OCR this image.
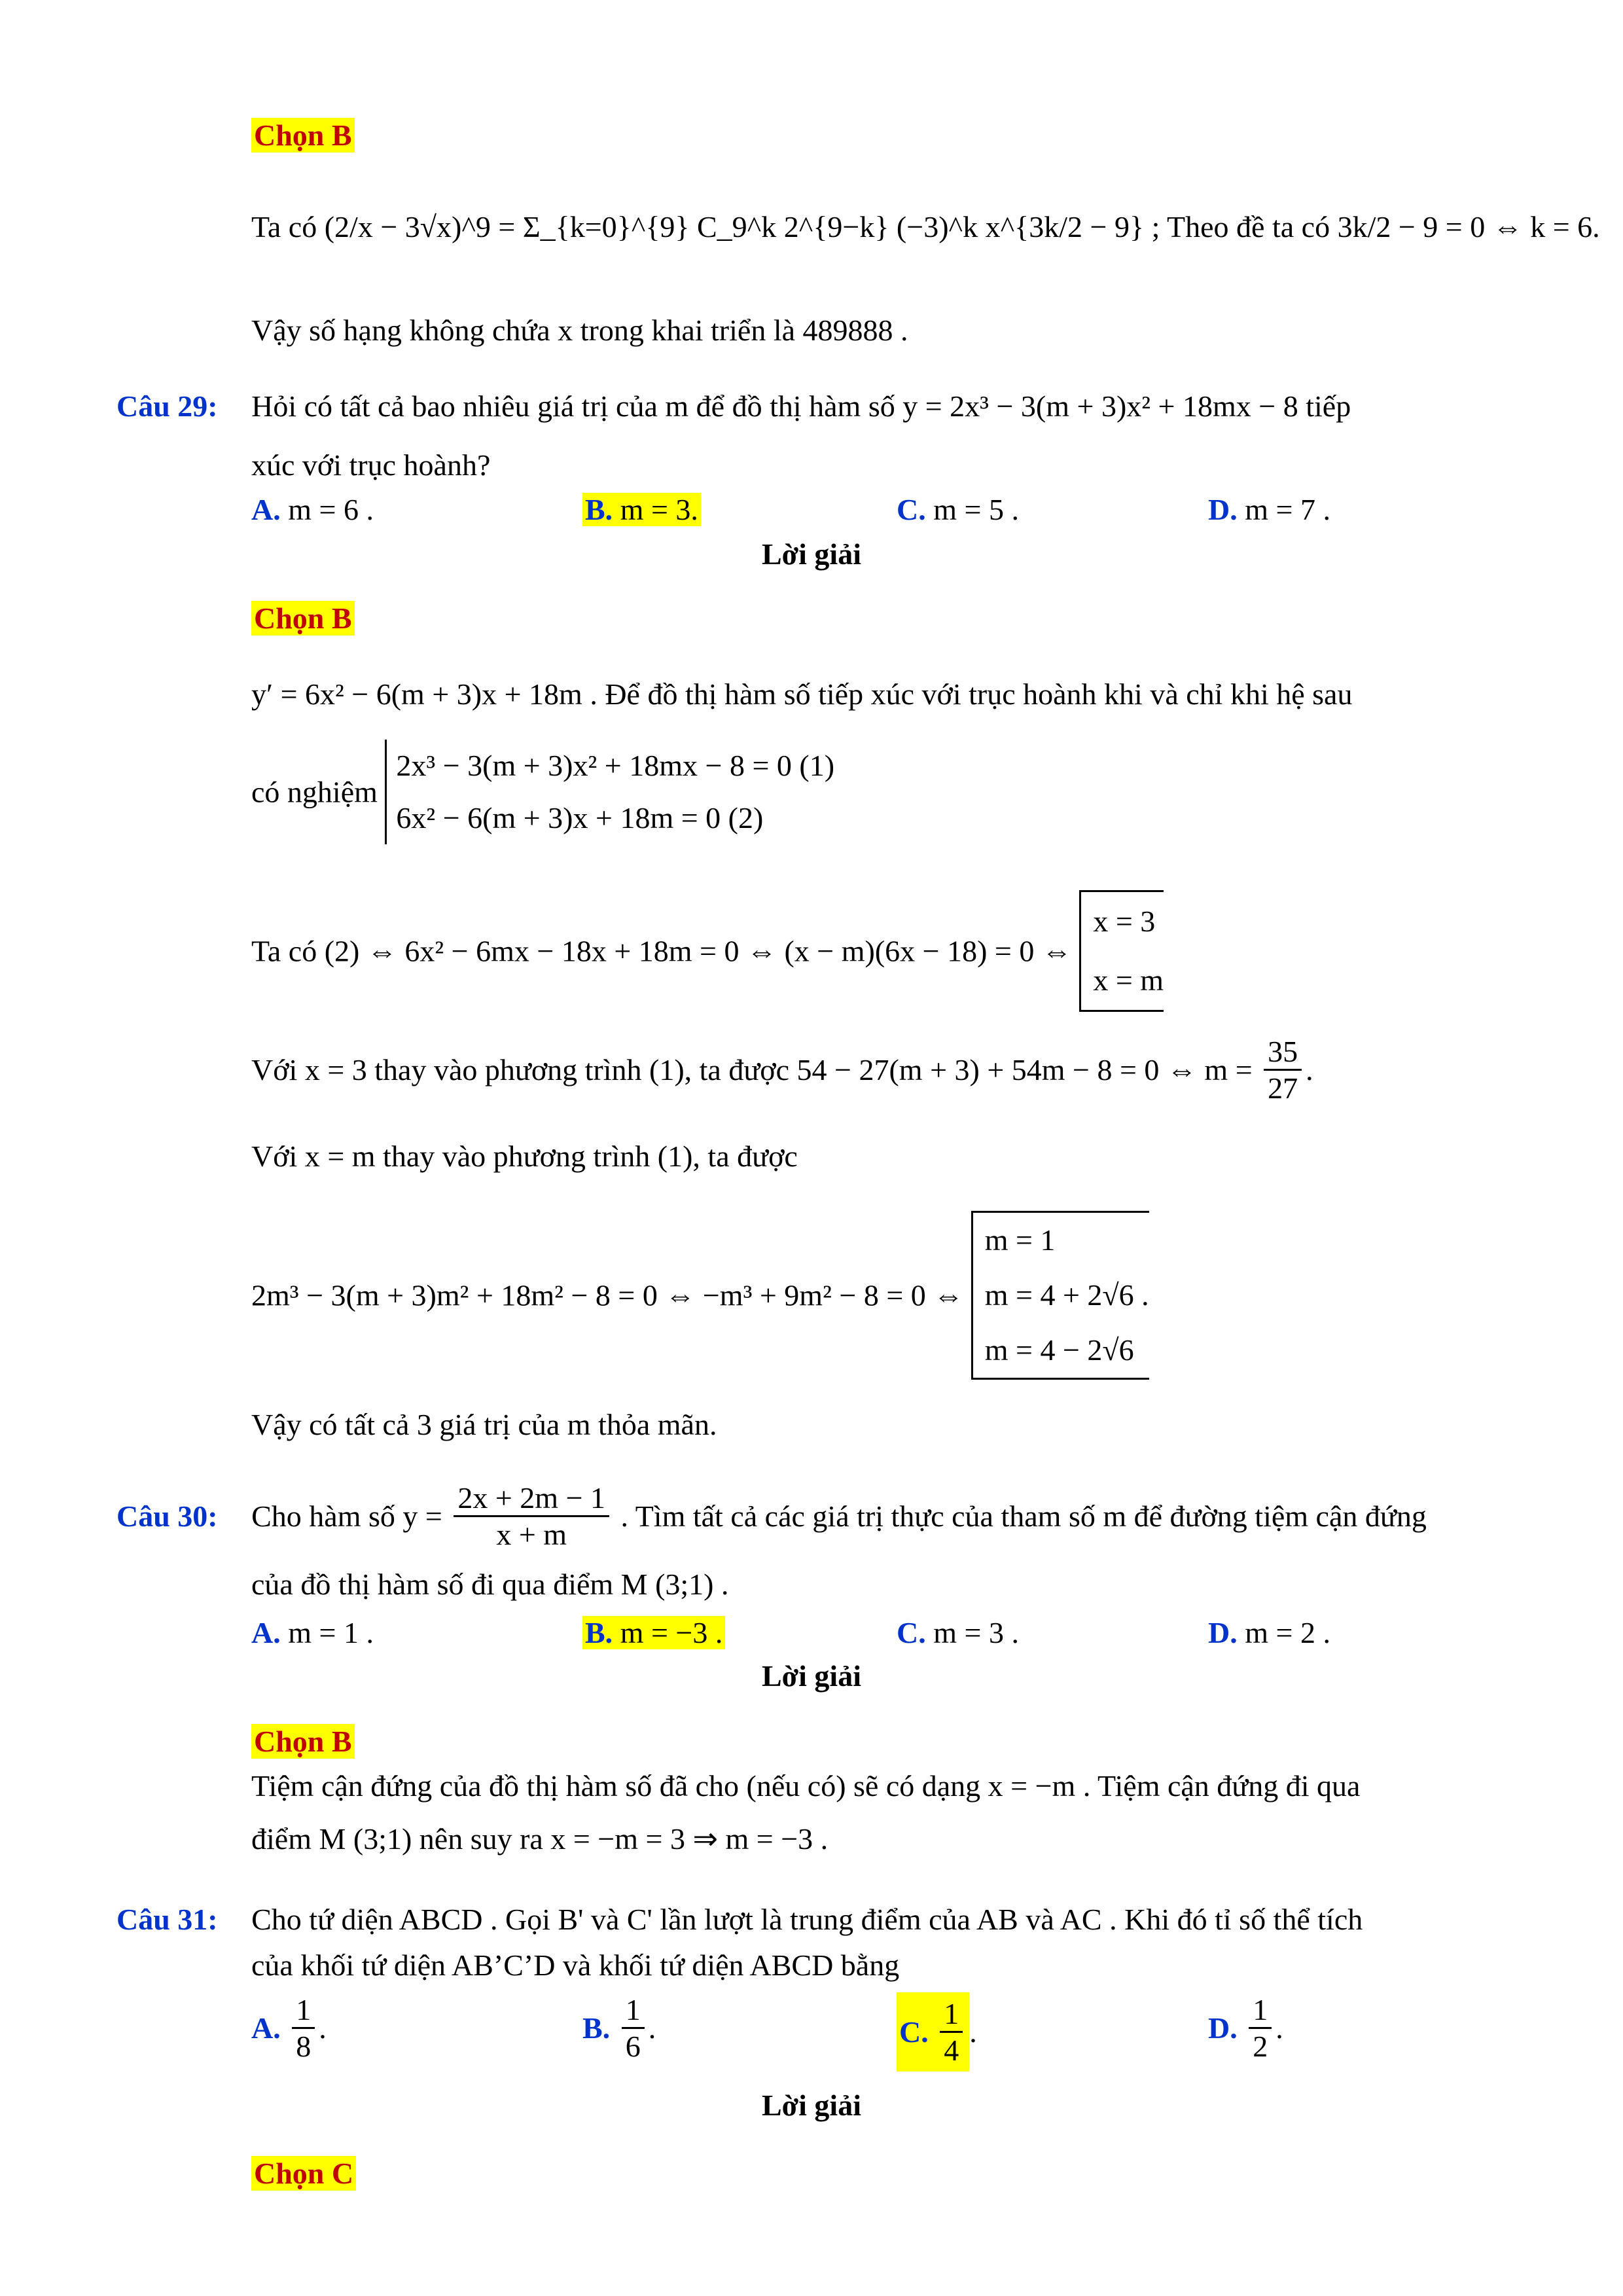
Chọn B
Ta có (2/x − 3√x)^9 = Σ_{k=0}^{9} C_9^k 2^{9−k} (−3)^k x^{3k/2 − 9} ; Theo đề ta có 3k/2 − 9 = 0 ⇔ k = 6.
Vậy số hạng không chứa x trong khai triển là 489888 .
Câu 29: Hỏi có tất cả bao nhiêu giá trị của m để đồ thị hàm số y = 2x³ − 3(m + 3)x² + 18mx − 8 tiếp
xúc với trục hoành?
A. m = 6 .	B. m = 3.	C. m = 5 .	D. m = 7 .
Lời giải
Chọn B
y′ = 6x² − 6(m + 3)x + 18m . Để đồ thị hàm số tiếp xúc với trục hoành khi và chỉ khi hệ sau
có nghiệm
2x³ − 3(m + 3)x² + 18mx − 8 = 0 (1)
6x² − 6(m + 3)x + 18m = 0 (2)
Ta có (2) ⇔ 6x² − 6mx − 18x + 18m = 0 ⇔ (x − m)(6x − 18) = 0 ⇔
x = 3
x = m
Với x = 3 thay vào phương trình (1), ta được 54 − 27(m + 3) + 54m − 8 = 0 ⇔ $m = \frac{35}{27}$ .
Với x = m thay vào phương trình (1), ta được
2m³ − 3(m + 3)m² + 18m² − 8 = 0 ⇔ −m³ + 9m² − 8 = 0 ⇔
m = 1
m = 4 + 2√6 .
m = 4 − 2√6
Vậy có tất cả 3 giá trị của m thỏa mãn.
Câu 30: Cho hàm số $y = \frac{2x + 2m - 1}{x + m}$ . Tìm tất cả các giá trị thực của tham số m để đường tiệm cận đứng
của đồ thị hàm số đi qua điểm M (3;1) .
A. m = 1 .	B. m = −3 .	C. m = 3 .	D. m = 2 .
Lời giải
Chọn B
Tiệm cận đứng của đồ thị hàm số đã cho (nếu có) sẽ có dạng x = −m . Tiệm cận đứng đi qua
điểm M (3;1) nên suy ra x = −m = 3 ⇒ m = −3 .
Câu 31: Cho tứ diện ABCD . Gọi B' và C' lần lượt là trung điểm của AB và AC . Khi đó tỉ số thể tích
của khối tứ diện AB’C’D và khối tứ diện ABCD bằng
A. $\frac{1}{8}$ .	B. $\frac{1}{6}$ .	C. $\frac{1}{4}$ .	D. $\frac{1}{2}$ .
Lời giải
Chọn C
